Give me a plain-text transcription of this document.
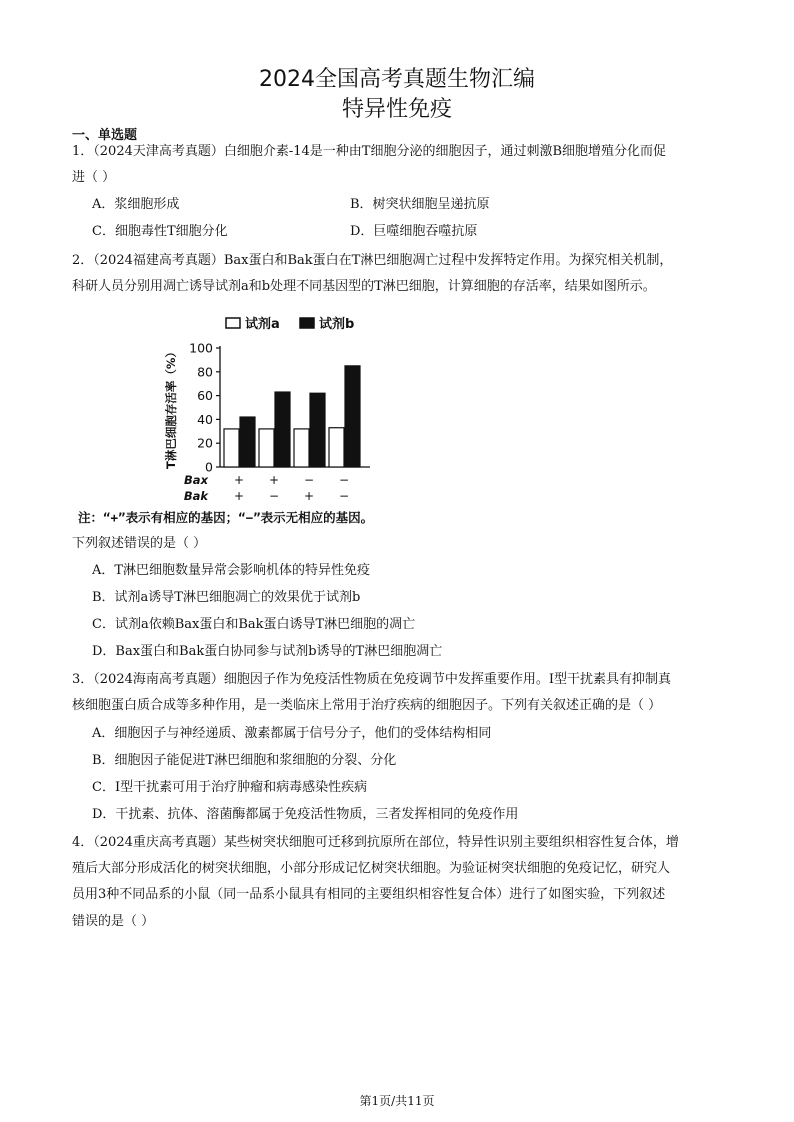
2024全国高考真题生物汇编
特异性免疫
一、单选题
1．（2024天津高考真题）白细胞介素-14是一种由T细胞分泌的细胞因子，通过刺激B细胞增殖分化而促
进（ ）
A．浆细胞形成	B．树突状细胞呈递抗原
C．细胞毒性T细胞分化	D．巨噬细胞吞噬抗原
2．（2024福建高考真题）Bax蛋白和Bak蛋白在T淋巴细胞凋亡过程中发挥特定作用。为探究相关机制，
科研人员分别用凋亡诱导试剂a和b处理不同基因型的T淋巴细胞，计算细胞的存活率，结果如图所示。
试剂a	试剂b
0
20
40
60
80
100
T淋巴细胞存活率（%）
Bax + + − −
Bak + − + −
注：“+”表示有相应的基因；“−”表示无相应的基因。
下列叙述错误的是（ ）
A．T淋巴细胞数量异常会影响机体的特异性免疫
B．试剂a诱导T淋巴细胞凋亡的效果优于试剂b
C．试剂a依赖Bax蛋白和Bak蛋白诱导T淋巴细胞的凋亡
D．Bax蛋白和Bak蛋白协同参与试剂b诱导的T淋巴细胞凋亡
3．（2024海南高考真题）细胞因子作为免疫活性物质在免疫调节中发挥重要作用。I型干扰素具有抑制真
核细胞蛋白质合成等多种作用，是一类临床上常用于治疗疾病的细胞因子。下列有关叙述正确的是（ ）
A．细胞因子与神经递质、激素都属于信号分子，他们的受体结构相同
B．细胞因子能促进T淋巴细胞和浆细胞的分裂、分化
C．I型干扰素可用于治疗肿瘤和病毒感染性疾病
D．干扰素、抗体、溶菌酶都属于免疫活性物质，三者发挥相同的免疫作用
4．（2024重庆高考真题）某些树突状细胞可迁移到抗原所在部位，特异性识别主要组织相容性复合体，增
殖后大部分形成活化的树突状细胞，小部分形成记忆树突状细胞。为验证树突状细胞的免疫记忆，研究人
员用3种不同品系的小鼠（同一品系小鼠具有相同的主要组织相容性复合体）进行了如图实验，下列叙述
错误的是（ ）
第1页/共11页
